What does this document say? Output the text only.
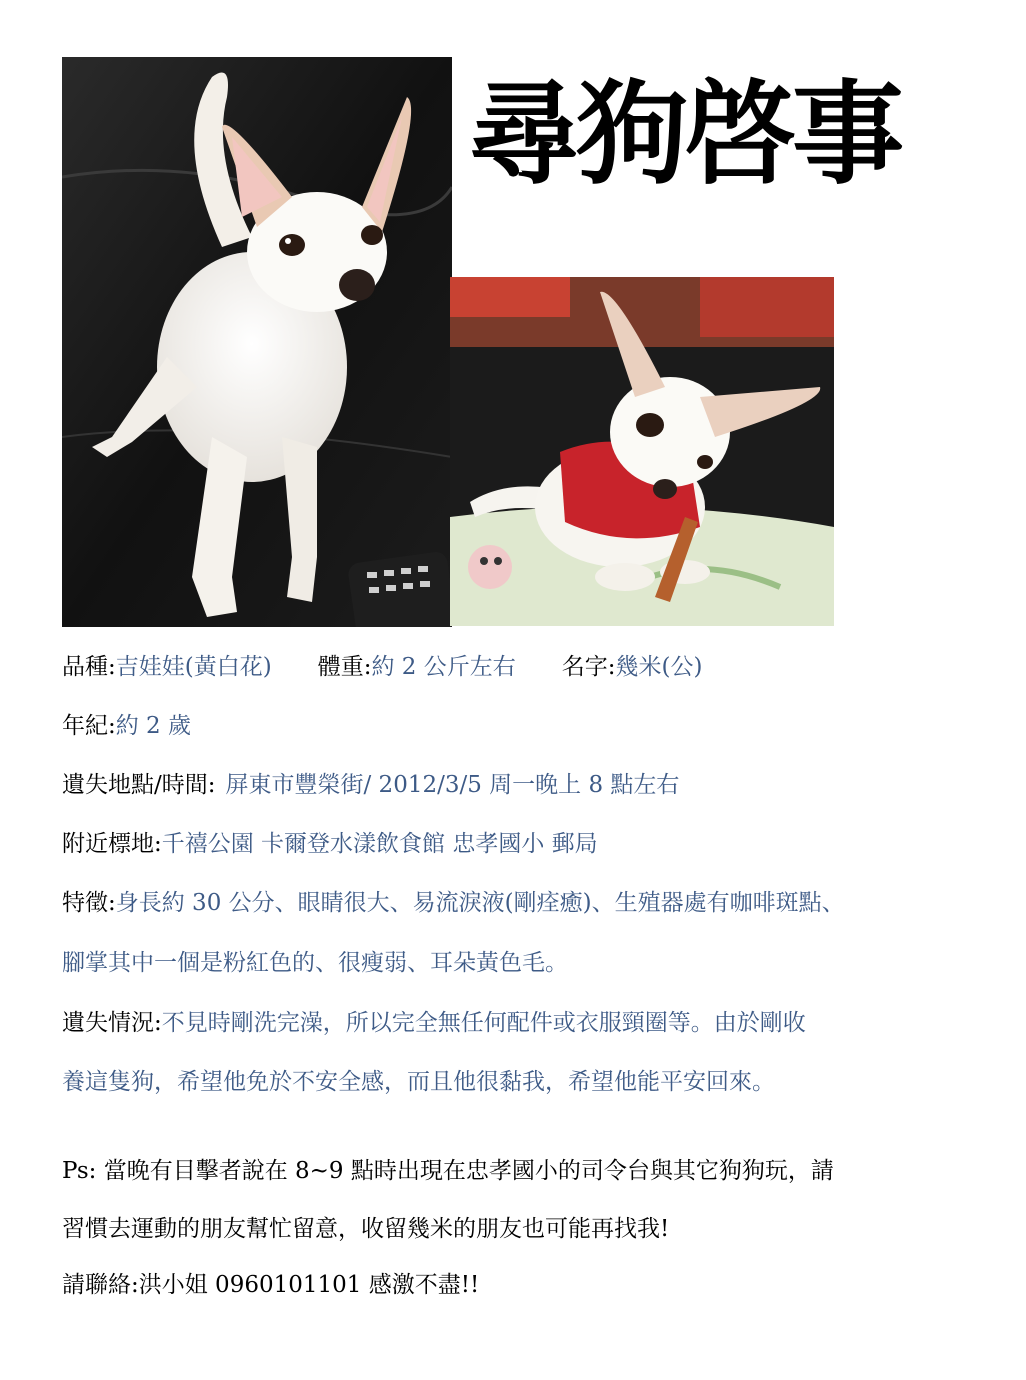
尋狗啓事
品種:吉娃娃(黃白花) 體重:約 2 公斤左右 名字:幾米(公)
年紀:約 2 歲
遺失地點/時間: 屏東市豐榮街/ 2012/3/5 周一晚上 8 點左右
附近標地:千禧公園 卡爾登水漾飲食館 忠孝國小 郵局
特徵:身長約 30 公分、眼睛很大、易流淚液(剛痊癒)、生殖器處有咖啡斑點、
腳掌其中一個是粉紅色的、很瘦弱、耳朵黃色毛。
遺失情況:不見時剛洗完澡，所以完全無任何配件或衣服頸圈等。由於剛收
養這隻狗，希望他免於不安全感，而且他很黏我，希望他能平安回來。
Ps: 當晚有目擊者說在 8~9 點時出現在忠孝國小的司令台與其它狗狗玩，請
習慣去運動的朋友幫忙留意，收留幾米的朋友也可能再找我!
請聯絡:洪小姐 0960101101 感激不盡!!
